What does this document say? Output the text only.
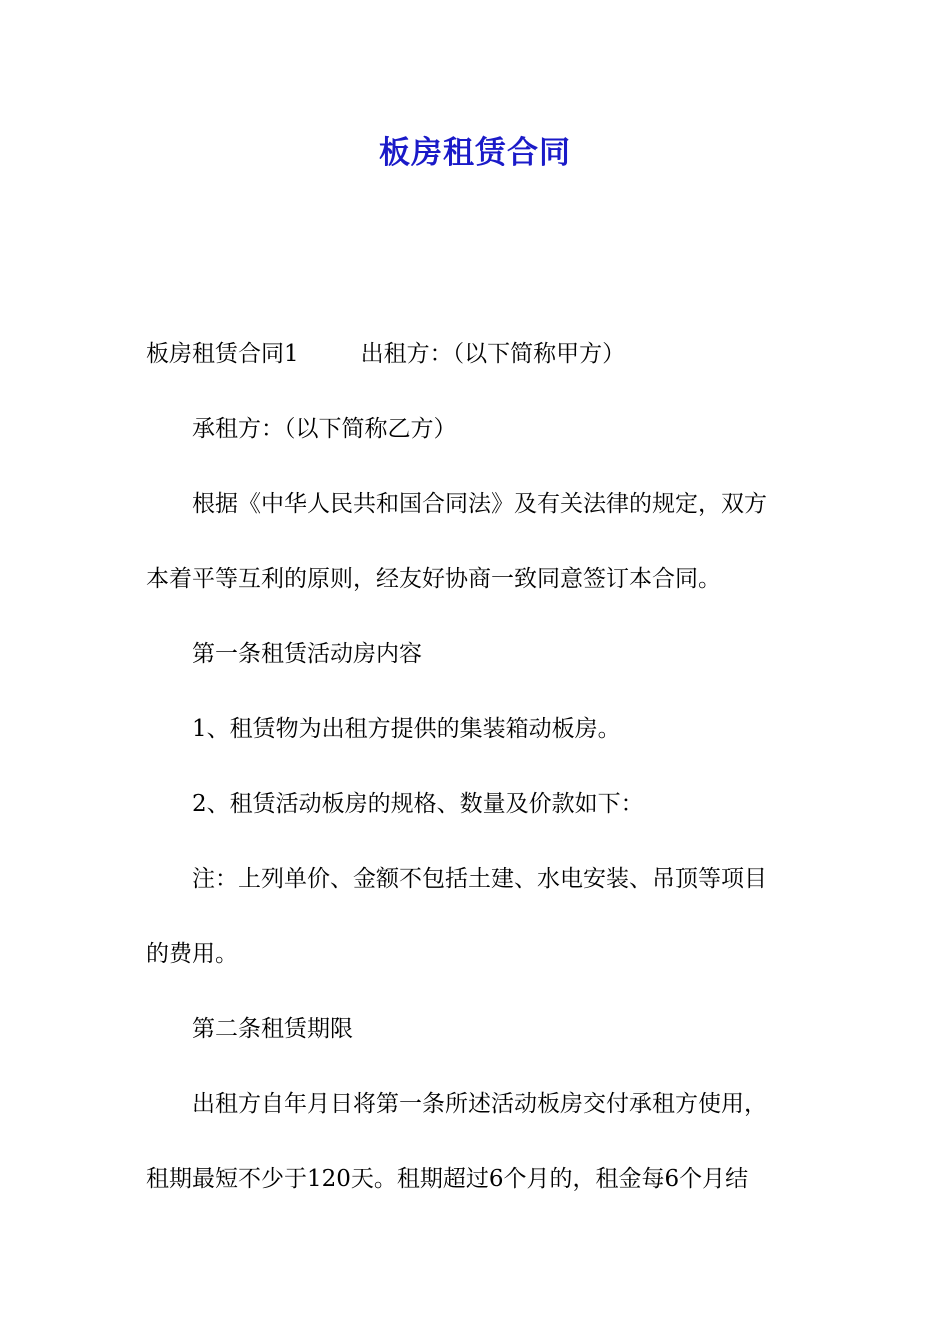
板房租赁合同

板房租赁合同1	出租方：（以下简称甲方）

承租方：（以下简称乙方）

根据《中华人民共和国合同法》及有关法律的规定，双方

本着平等互利的原则，经友好协商一致同意签订本合同。

第一条租赁活动房内容

1、租赁物为出租方提供的集装箱动板房。

2、租赁活动板房的规格、数量及价款如下：

注：上列单价、金额不包括土建、水电安装、吊顶等项目

的费用。

第二条租赁期限

出租方自年月日将第一条所述活动板房交付承租方使用，

租期最短不少于120天。租期超过6个月的，租金每6个月结
